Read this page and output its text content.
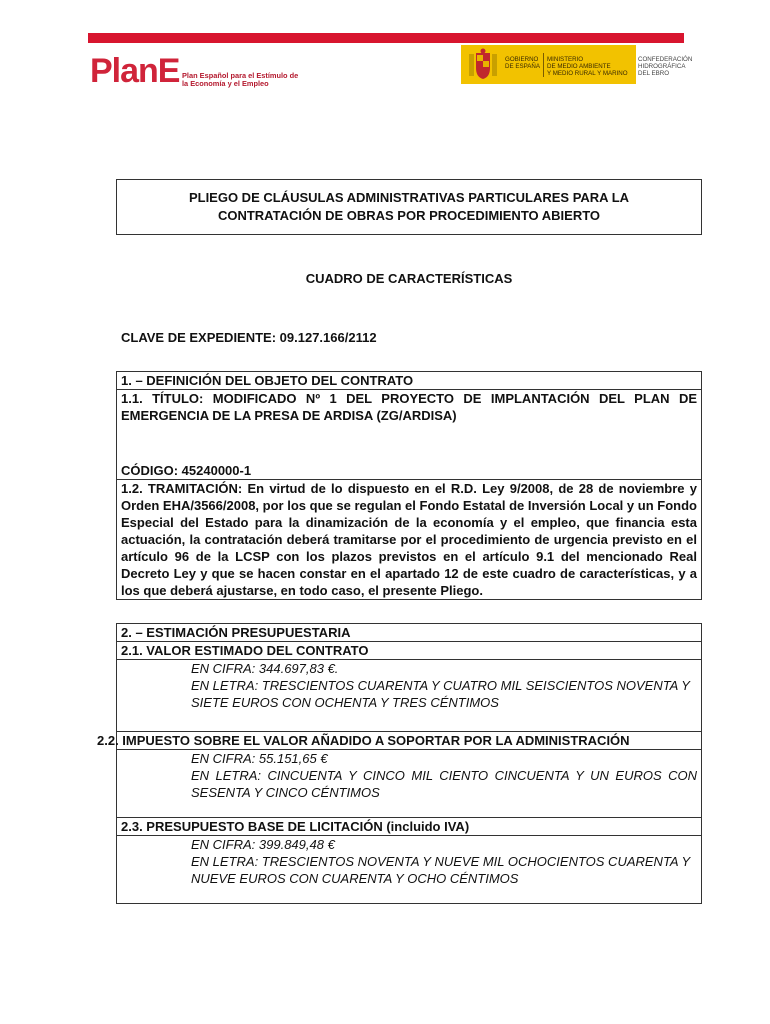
PlanE Plan Español para el Estímulo de
la Economía y el Empleo
GOBIERNO
DE ESPAÑA
MINISTERIO
DE MEDIO AMBIENTE
Y MEDIO RURAL Y MARINO
CONFEDERACIÓN
HIDROGRÁFICA
DEL EBRO
PLIEGO DE CLÁUSULAS ADMINISTRATIVAS PARTICULARES PARA LA
CONTRATACIÓN DE OBRAS POR PROCEDIMIENTO ABIERTO
CUADRO DE CARACTERÍSTICAS
CLAVE DE EXPEDIENTE: 09.127.166/2112
1. – DEFINICIÓN DEL OBJETO DEL CONTRATO
1.1. TÍTULO: MODIFICADO Nº 1 DEL PROYECTO DE IMPLANTACIÓN DEL PLAN DE EMERGENCIA DE LA PRESA DE ARDISA (ZG/ARDISA)
CÓDIGO: 45240000-1
1.2. TRAMITACIÓN: En virtud de lo dispuesto en el R.D. Ley 9/2008, de 28 de noviembre y Orden EHA/3566/2008, por los que se regulan el Fondo Estatal de Inversión Local y un Fondo Especial del Estado para la dinamización de la economía y el empleo, que financia esta actuación, la contratación deberá tramitarse por el procedimiento de urgencia previsto en el artículo 96 de la LCSP con los plazos previstos en el artículo 9.1 del mencionado Real Decreto Ley y que se hacen constar en el apartado 12 de este cuadro de características, y a los que deberá ajustarse, en todo caso, el presente Pliego.
2. – ESTIMACIÓN PRESUPUESTARIA
2.1. VALOR ESTIMADO DEL CONTRATO
EN CIFRA: 344.697,83 €.
EN LETRA: TRESCIENTOS CUARENTA Y CUATRO MIL SEISCIENTOS NOVENTA Y SIETE EUROS CON OCHENTA Y TRES CÉNTIMOS
2.2. IMPUESTO SOBRE EL VALOR AÑADIDO A SOPORTAR POR LA ADMINISTRACIÓN
EN CIFRA: 55.151,65 €
EN LETRA: CINCUENTA Y CINCO MIL CIENTO CINCUENTA Y UN EUROS CON SESENTA Y CINCO CÉNTIMOS
2.3. PRESUPUESTO BASE DE LICITACIÓN (incluido IVA)
EN CIFRA: 399.849,48 €
EN LETRA: TRESCIENTOS NOVENTA Y NUEVE MIL OCHOCIENTOS CUARENTA Y NUEVE EUROS CON CUARENTA Y OCHO CÉNTIMOS
